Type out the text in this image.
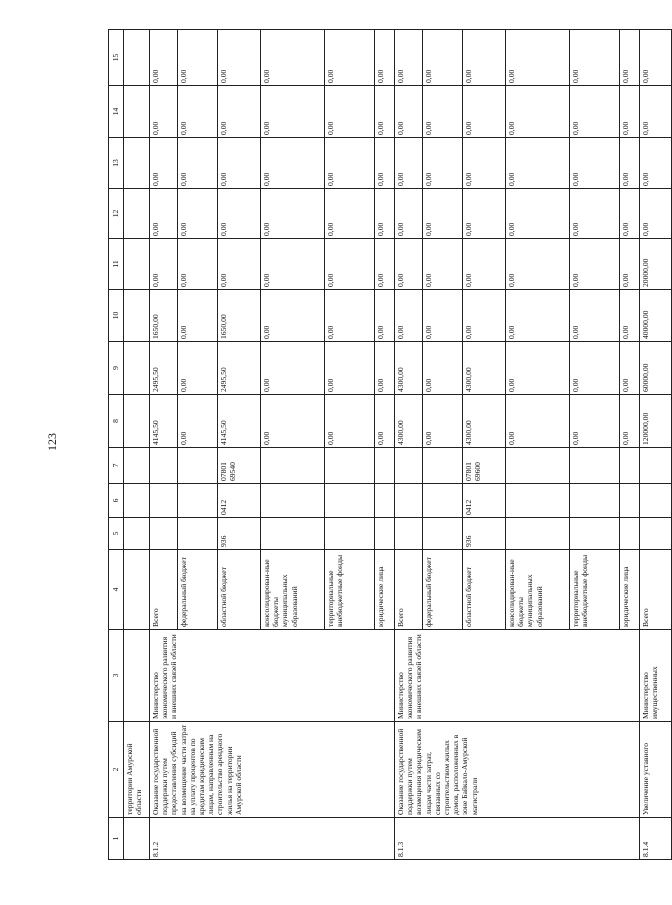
123
1	2	3	4	5	6	7	8	9	10	11	12	13	14	15
	территории Амурской области													
8.1.2	Оказание государственной поддержки путем предоставления субсидий на возмещение части затрат на уплату процентов по кредитам юридическим лицам, направленным на строительство арендного жилья на территории Амурской области	Министерство экономического развития и внешних связей области	Всего				4145,50	2495,50	1650,00	0,00	0,00	0,00	0,00	0,00
			федеральный бюджет				0,00	0,00	0,00	0,00	0,00	0,00	0,00	0,00
			областной бюджет	936	0412	07801 69540	4145,50	2495,50	1650,00	0,00	0,00	0,00	0,00	0,00
			консолидирован-ные бюджеты муниципальных образований				0,00	0,00	0,00	0,00	0,00	0,00	0,00	0,00
			территориальные внебюджетные фонды				0,00	0,00	0,00	0,00	0,00	0,00	0,00	0,00
			юридические лица				0,00	0,00	0,00	0,00	0,00	0,00	0,00	0,00
8.1.3	Оказание государственной поддержки путем возмещения юридическим лицам части затрат, связанных со строительством жилых домов, расположенных в зоне Байкало-Амурской магистрали	Министерство экономического развития и внешних связей области	Всего				4300,00	4300,00	0,00	0,00	0,00	0,00	0,00	0,00
			федеральный бюджет				0,00	0,00	0,00	0,00	0,00	0,00	0,00	0,00
			областной бюджет	936	0412	07801 69600	4300,00	4300,00	0,00	0,00	0,00	0,00	0,00	0,00
			консолидирован-ные бюджеты муниципальных образований				0,00	0,00	0,00	0,00	0,00	0,00	0,00	0,00
			территориальные внебюджетные фонды				0,00	0,00	0,00	0,00	0,00	0,00	0,00	0,00
			юридические лица				0,00	0,00	0,00	0,00	0,00	0,00	0,00	0,00
8.1.4	Увеличение уставного	Министерство имущественных	Всего				120000,00	60000,00	40000,00	20000,00	0,00	0,00	0,00	0,00
